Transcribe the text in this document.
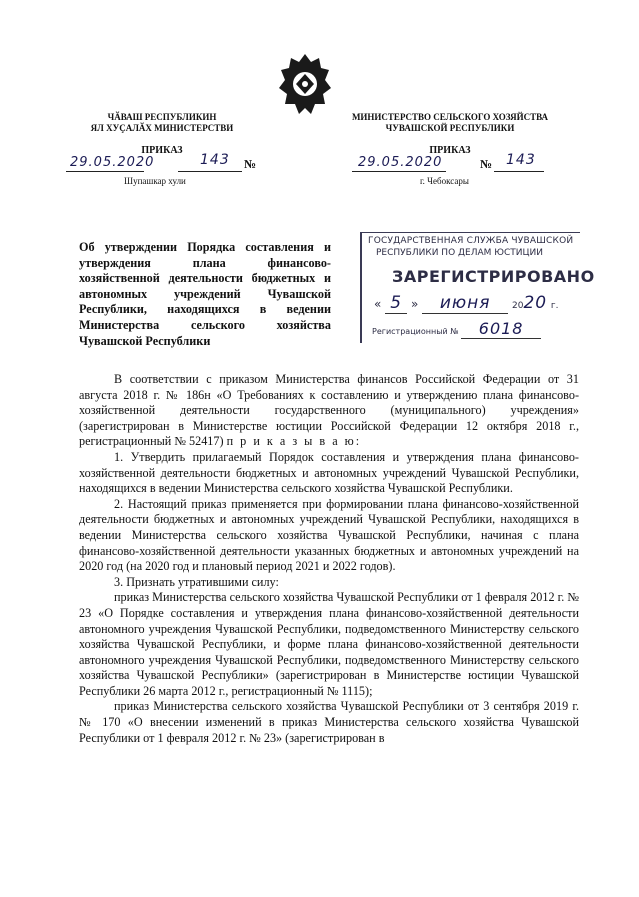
ЧӐВАШ РЕСПУБЛИКИН
ЯЛ ХУҪАЛӐХ МИНИСТЕРСТВИ
ПРИКАЗ
29.05.2020	143 №
Шупашкар хули
МИНИСТЕРСТВО СЕЛЬСКОГО ХОЗЯЙСТВА
ЧУВАШСКОЙ РЕСПУБЛИКИ
ПРИКАЗ
29.05.2020	№ 143
г. Чебоксары
Об утверждении Порядка составления и утверждения плана финансово-хозяйственной деятельности бюджетных и автономных учреждений Чувашской Республики, находящихся в ведении Министерства сельского хозяйства Чувашской Республики
ГОСУДАРСТВЕННАЯ СЛУЖБА ЧУВАШСКОЙ
РЕСПУБЛИКИ ПО ДЕЛАМ ЮСТИЦИИ
ЗАРЕГИСТРИРОВАНО
« 5 » июня 2020 г.
Регистрационный № 6018

В соответствии с приказом Министерства финансов Российской Федерации от 31 августа 2018 г. № 186н «О Требованиях к составлению и утверждению плана финансово-хозяйственной деятельности государственного (муниципального) учреждения» (зарегистрирован в Министерстве юстиции Российской Федерации 12 октября 2018 г., регистрационный № 52417) п р и к а з ы в а ю:

1. Утвердить прилагаемый Порядок составления и утверждения плана финансово-хозяйственной деятельности бюджетных и автономных учреждений Чувашской Республики, находящихся в ведении Министерства сельского хозяйства Чувашской Республики.

2. Настоящий приказ применяется при формировании плана финансово-хозяйственной деятельности бюджетных и автономных учреждений Чувашской Республики, находящихся в ведении Министерства сельского хозяйства Чувашской Республики, начиная с плана финансово-хозяйственной деятельности указанных бюджетных и автономных учреждений на 2020 год (на 2020 год и плановый период 2021 и 2022 годов).

3. Признать утратившими силу:

приказ Министерства сельского хозяйства Чувашской Республики от 1 февраля 2012 г. № 23 «О Порядке составления и утверждения плана финансово-хозяйственной деятельности автономного учреждения Чувашской Республики, подведомственного Министерству сельского хозяйства Чувашской Республики, и форме плана финансово-хозяйственной деятельности автономного учреждения Чувашской Республики, подведомственного Министерству сельского хозяйства Чувашской Республики» (зарегистрирован в Министерстве юстиции Чувашской Республики 26 марта 2012 г., регистрационный № 1115);

приказ Министерства сельского хозяйства Чувашской Республики от 3 сентября 2019 г. № 170 «О внесении изменений в приказ Министерства сельского хозяйства Чувашской Республики от 1 февраля 2012 г. № 23» (зарегистрирован в
